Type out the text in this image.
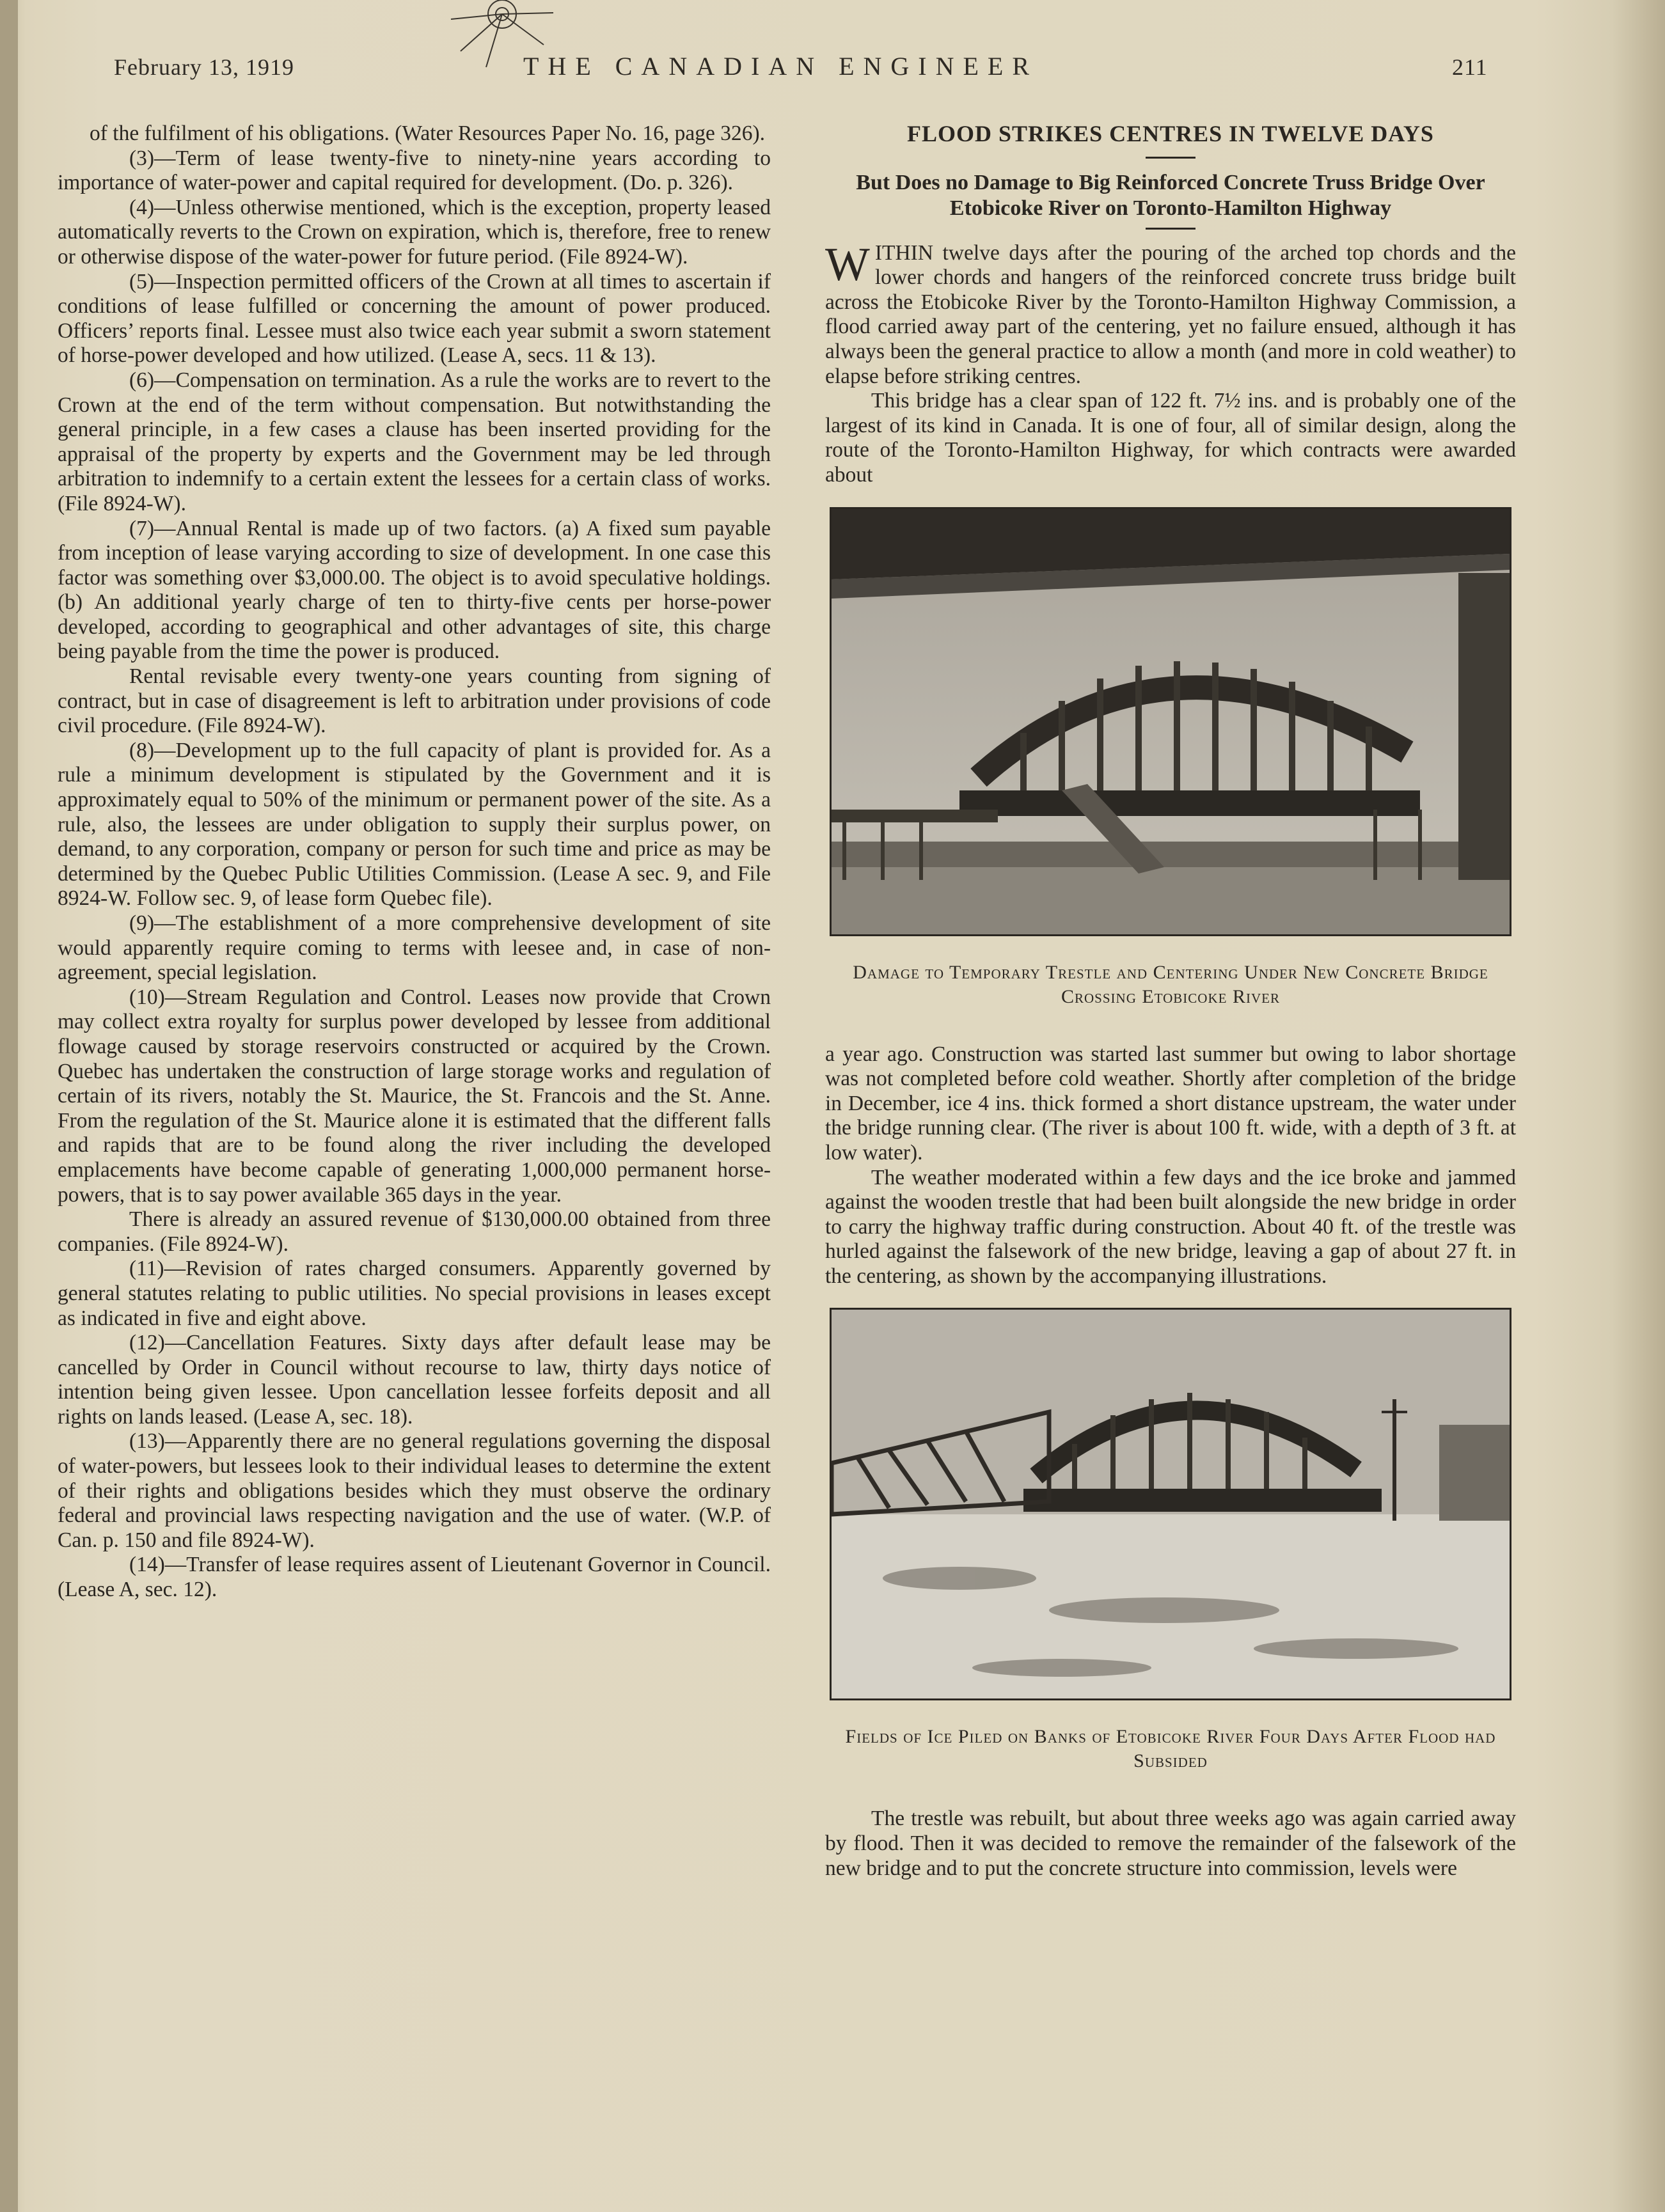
February 13, 1919	THE CANADIAN ENGINEER	211

of the fulfilment of his obligations. (Water Resources Paper No. 16, page 326).

(3)—Term of lease twenty-five to ninety-nine years according to importance of water-power and capital required for development. (Do. p. 326).

(4)—Unless otherwise mentioned, which is the exception, property leased automatically reverts to the Crown on expiration, which is, therefore, free to renew or otherwise dispose of the water-power for future period. (File 8924-W).

(5)—Inspection permitted officers of the Crown at all times to ascertain if conditions of lease fulfilled or concerning the amount of power produced. Officers’ reports final. Lessee must also twice each year submit a sworn statement of horse-power developed and how utilized. (Lease A, secs. 11 & 13).

(6)—Compensation on termination. As a rule the works are to revert to the Crown at the end of the term without compensation. But notwithstanding the general principle, in a few cases a clause has been inserted providing for the appraisal of the property by experts and the Government may be led through arbitration to indemnify to a certain extent the lessees for a certain class of works. (File 8924-W).

(7)—Annual Rental is made up of two factors. (a) A fixed sum payable from inception of lease varying according to size of development. In one case this factor was something over $3,000.00. The object is to avoid speculative holdings. (b) An additional yearly charge of ten to thirty-five cents per horse-power developed, according to geographical and other advantages of site, this charge being payable from the time the power is produced.

Rental revisable every twenty-one years counting from signing of contract, but in case of disagreement is left to arbitration under provisions of code civil procedure. (File 8924-W).

(8)—Development up to the full capacity of plant is provided for. As a rule a minimum development is stipulated by the Government and it is approximately equal to 50% of the minimum or permanent power of the site. As a rule, also, the lessees are under obligation to supply their surplus power, on demand, to any corporation, company or person for such time and price as may be determined by the Quebec Public Utilities Commission. (Lease A sec. 9, and File 8924-W. Follow sec. 9, of lease form Quebec file).

(9)—The establishment of a more comprehensive development of site would apparently require coming to terms with leesee and, in case of non-agreement, special legislation.

(10)—Stream Regulation and Control. Leases now provide that Crown may collect extra royalty for surplus power developed by lessee from additional flowage caused by storage reservoirs constructed or acquired by the Crown. Quebec has undertaken the construction of large storage works and regulation of certain of its rivers, notably the St. Maurice, the St. Francois and the St. Anne. From the regulation of the St. Maurice alone it is estimated that the different falls and rapids that are to be found along the river including the developed emplacements have become capable of generating 1,000,000 permanent horse-powers, that is to say power available 365 days in the year.

There is already an assured revenue of $130,000.00 obtained from three companies. (File 8924-W).

(11)—Revision of rates charged consumers. Apparently governed by general statutes relating to public utilities. No special provisions in leases except as indicated in five and eight above.

(12)—Cancellation Features. Sixty days after default lease may be cancelled by Order in Council without recourse to law, thirty days notice of intention being given lessee. Upon cancellation lessee forfeits deposit and all rights on lands leased. (Lease A, sec. 18).

(13)—Apparently there are no general regulations governing the disposal of water-powers, but lessees look to their individual leases to determine the extent of their rights and obligations besides which they must observe the ordinary federal and provincial laws respecting navigation and the use of water. (W.P. of Can. p. 150 and file 8924-W).

(14)—Transfer of lease requires assent of Lieutenant Governor in Council. (Lease A, sec. 12).

FLOOD STRIKES CENTRES IN TWELVE DAYS
But Does no Damage to Big Reinforced Concrete Truss Bridge Over Etobicoke River on Toronto-Hamilton Highway

WITHIN twelve days after the pouring of the arched top chords and the lower chords and hangers of the reinforced concrete truss bridge built across the Etobicoke River by the Toronto-Hamilton Highway Commission, a flood carried away part of the centering, yet no failure ensued, although it has always been the general practice to allow a month (and more in cold weather) to elapse before striking centres.

This bridge has a clear span of 122 ft. 7½ ins. and is probably one of the largest of its kind in Canada. It is one of four, all of similar design, along the route of the Toronto-Hamilton Highway, for which contracts were awarded about

Damage to Temporary Trestle and Centering Under New Concrete Bridge Crossing Etobicoke River

a year ago. Construction was started last summer but owing to labor shortage was not completed before cold weather. Shortly after completion of the bridge in December, ice 4 ins. thick formed a short distance upstream, the water under the bridge running clear. (The river is about 100 ft. wide, with a depth of 3 ft. at low water).

The weather moderated within a few days and the ice broke and jammed against the wooden trestle that had been built alongside the new bridge in order to carry the highway traffic during construction. About 40 ft. of the trestle was hurled against the falsework of the new bridge, leaving a gap of about 27 ft. in the centering, as shown by the accompanying illustrations.

Fields of Ice Piled on Banks of Etobicoke River Four Days After Flood had Subsided

The trestle was rebuilt, but about three weeks ago was again carried away by flood. Then it was decided to remove the remainder of the falsework of the new bridge and to put the concrete structure into commission, levels were
